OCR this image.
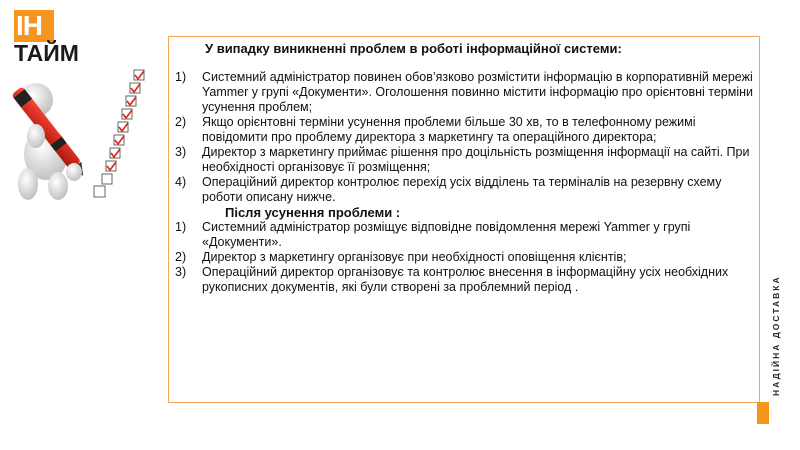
ІН
ТАЙМ	У випадку виникненні проблем в роботі інформаційної системи:
1) Системний адміністратор повинен обов’язково розмістити інформацію в корпоративній мережі Yammer у групі «Документи». Оголошення повинно містити інформацію про орієнтовні терміни усунення проблем;
2) Якщо орієнтовні терміни усунення проблеми більше 30 хв, то в телефонному режимі повідомити про проблему директора з маркетингу та операційного директора;
3) Директор з маркетингу приймає рішення про доцільність розміщення інформації на сайті. При необхідності організовує її розміщення;
4) Операційний директор контролює перехід усіх відділень та терміналів на резервну схему роботи описану нижче.
Після усунення проблеми :
1) Системний адміністратор розміщує відповідне повідомлення мережі Yammer у групі «Документи».
2) Директор з маркетингу організовує при необхідності оповіщення клієнтів;
3) Операційний директор організовує та контролює внесення в інформаційну усіх необхідних рукописних документів, які були створені за проблемний період .	НАДІЙНА ДОСТАВКА
